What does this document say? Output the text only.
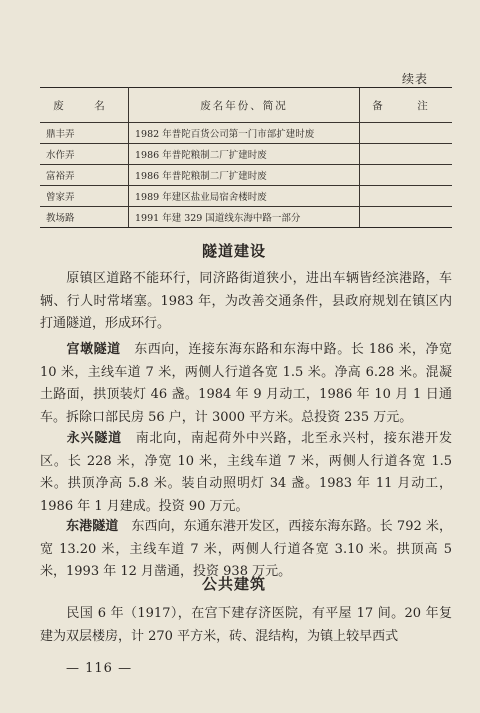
续表
废　名	废名年份、简况	备　注
鼎丰弄	1982 年普陀百货公司第一门市部扩建时废	
水作弄	1986 年普陀粮制二厂扩建时废	
富裕弄	1986 年普陀粮制二厂扩建时废	
曾家弄	1989 年建区盐业局宿舍楼时废	
教场路	1991 年建 329 国道线东海中路一部分	
隧道建设

原镇区道路不能环行，同济路街道狭小，进出车辆皆经滨港路，车辆、行人时常堵塞。1983 年，为改善交通条件，县政府规划在镇区内打通隧道，形成环行。

宫墩隧道　东西向，连接东海东路和东海中路。长 186 米，净宽 10 米，主线车道 7 米，两侧人行道各宽 1.5 米。净高 6.28 米。混凝土路面，拱顶装灯 46 盏。1984 年 9 月动工，1986 年 10 月 1 日通车。拆除口部民房 56 户，计 3000 平方米。总投资 235 万元。

永兴隧道　南北向，南起荷外中兴路，北至永兴村，接东港开发区。长 228 米，净宽 10 米，主线车道 7 米，两侧人行道各宽 1.5 米。拱顶净高 5.8 米。装自动照明灯 34 盏。1983 年 11 月动工，1986 年 1 月建成。投资 90 万元。

东港隧道　东西向，东通东港开发区，西接东海东路。长 792 米，宽 13.20 米，主线车道 7 米，两侧人行道各宽 3.10 米。拱顶高 5 米，1993 年 12 月凿通，投资 938 万元。

公共建筑

民国 6 年（1917），在宫下建存济医院，有平屋 17 间。20 年复建为双层楼房，计 270 平方米，砖、混结构，为镇上较早西式

— 116 —
